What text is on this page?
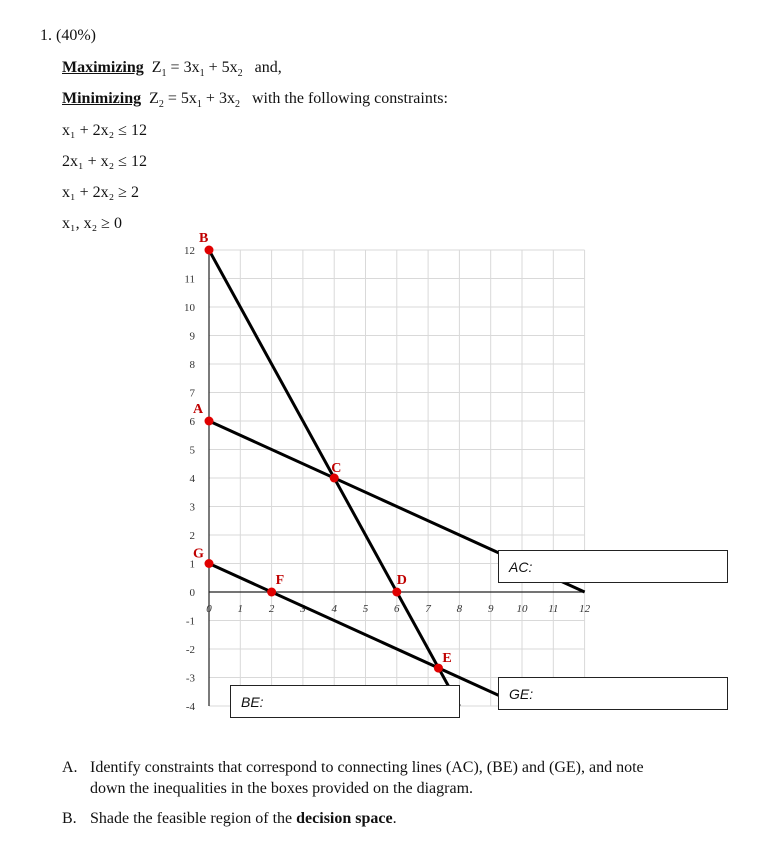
1. (40%)
Maximizing $Z_1 = 3x_1 + 5x_2$   and,
Minimizing $Z_2 = 5x_1 + 3x_2$   with the following constraints:
x₁ + 2x₂ ≤ 12
2x₁ + x₂ ≤ 12
x₁ + 2x₂ ≥ 2
x₁, x₂ ≥ 0
12
11
10
9
8
7
6
5
4
3
2
1
0
-1
-2
-3
-4
0 1 2 3 4 5 6 7 8 9 10 11 12
A
B
C
D
E
F
G
AC:
BE:	GE:
A. Identify constraints that correspond to connecting lines (AC), (BE) and (GE), and note
down the inequalities in the boxes provided on the diagram.
B. Shade the feasible region of the decision space.
